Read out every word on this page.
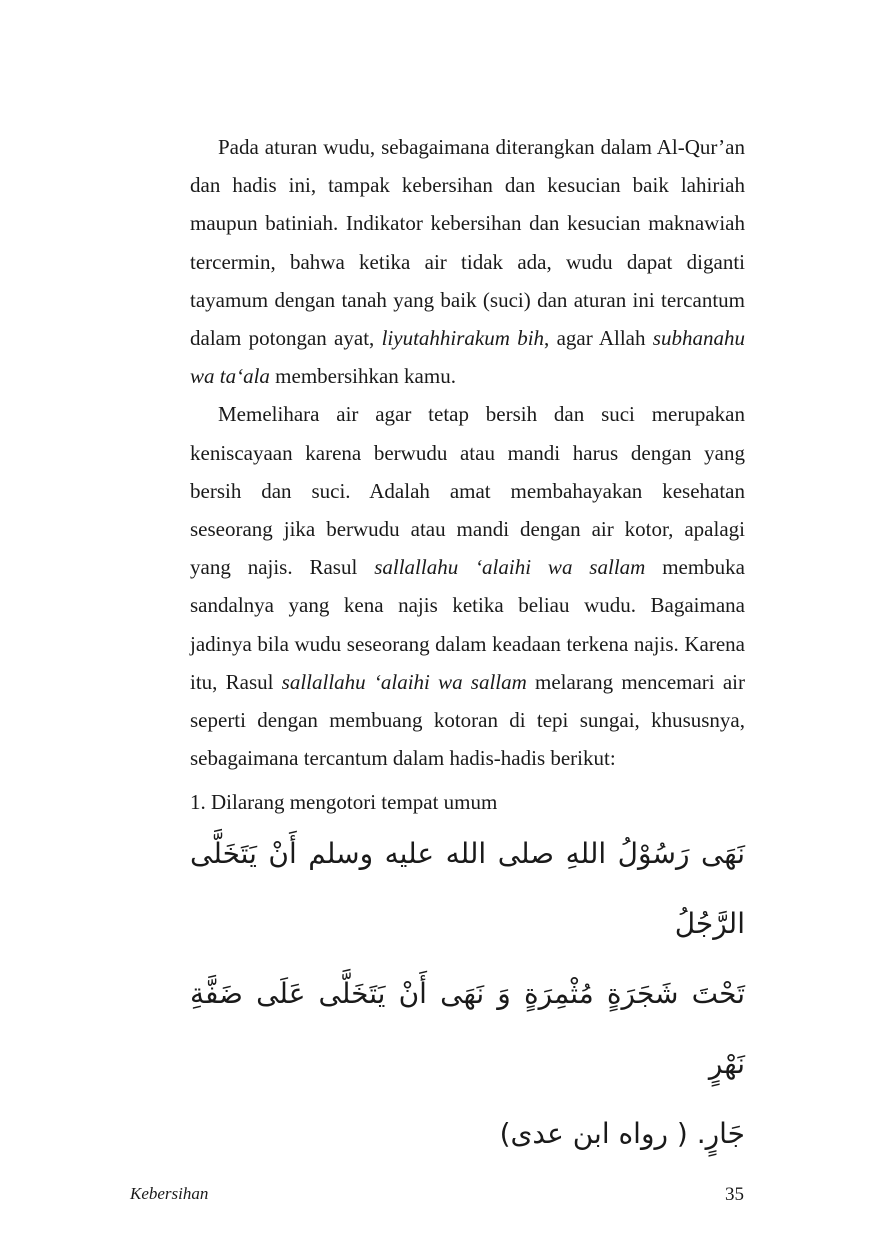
Pada aturan wudu, sebagaimana diterangkan dalam Al-Qur’an dan hadis ini, tampak kebersihan dan kesucian baik lahiriah maupun batiniah. Indikator kebersihan dan kesucian maknawiah tercermin, bahwa ketika air tidak ada, wudu dapat diganti tayamum dengan tanah yang baik (suci) dan aturan ini tercantum dalam potongan ayat, liyutahhirakum bih, agar Allah subhanahu wa ta‘ala membersihkan kamu.

Memelihara air agar tetap bersih dan suci merupakan keniscayaan karena berwudu atau mandi harus dengan yang bersih dan suci. Adalah amat membahayakan kesehatan seseorang jika berwudu atau mandi dengan air kotor, apalagi yang najis. Rasul sallallahu ‘alaihi wa sallam membuka sandalnya yang kena najis ketika beliau wudu. Bagaimana jadinya bila wudu seseorang dalam keadaan terkena najis. Karena itu, Rasul sallallahu ‘alaihi wa sallam melarang mencemari air seperti dengan membuang kotoran di tepi sungai, khususnya, sebagaimana tercantum dalam hadis-hadis berikut:

1. Dilarang mengotori tempat umum
نَهَى رَسُوْلُ اللهِ صلى الله عليه وسلم أَنْ يَتَخَلَّى الرَّجُلُ
تَحْتَ شَجَرَةٍ مُثْمِرَةٍ وَ نَهَى أَنْ يَتَخَلَّى عَلَى ضَفَّةِ نَهْرٍ
جَارٍ. ( رواه ابن عدى)
Kebersihan	35
